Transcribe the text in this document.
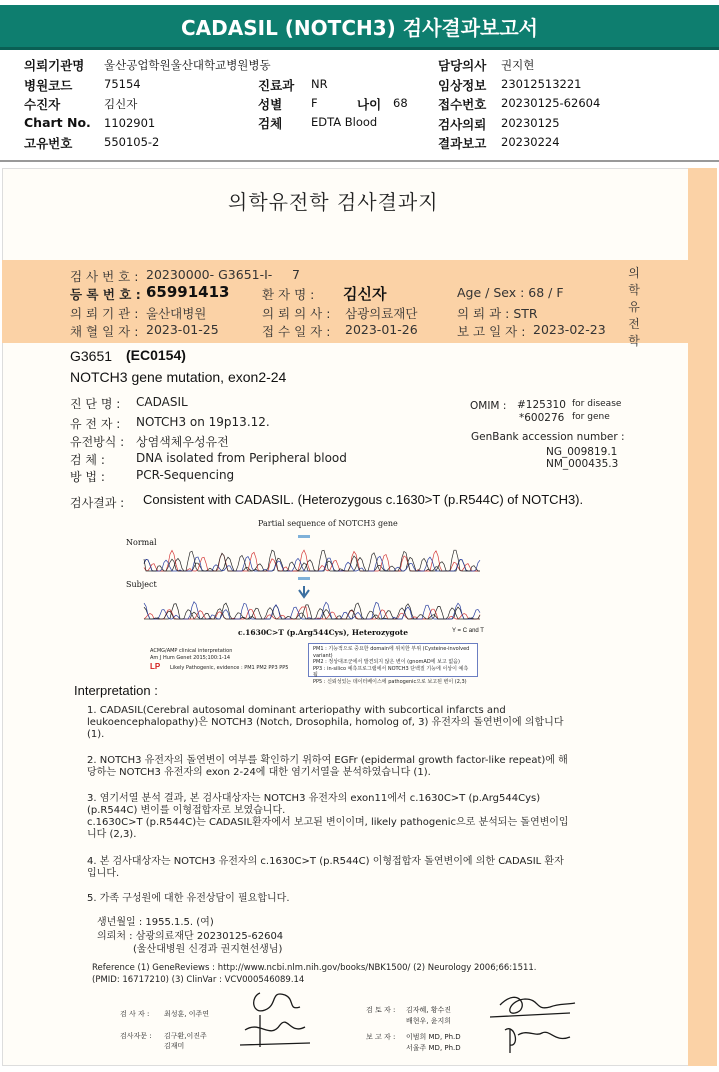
CADASIL (NOTCH3) 검사결과보고서
의뢰기관명 울산공업학원울산대학교병원병동
병원코드	75154	진료과 NR
수진자	김신자	성별	F	나이 68
Chart No. 1102901	검체	EDTA Blood
고유번호	550105-2
담당의사 권지현
임상정보 23012513221
접수번호 20230125-62604
검사의뢰 20230125
결과보고 20230224
의학유전학 검사결과지
검 사 번 호 : 20230000- G3651-I- 7
등 록 번 호 : 65991413	환 자 명 : 김신자	Age / Sex : 68 / F
의 뢰 기 관 : 울산대병원	의 뢰 의 사 : 삼광의료재단	의 뢰 과 : STR
채 혈 일 자 : 2023-01-25	접 수 일 자 : 2023-01-26	보 고 일 자 : 2023-02-23
의
학
유
전
학
G3651 (EC0154)
NOTCH3 gene mutation, exon2-24
진 단 명 : CADASIL
유 전 자 : NOTCH3 on 19p13.12.
유전방식 : 상염색체우성유전
검 체 :	DNA isolated from Peripheral blood
방 법 :	PCR-Sequencing
OMIM : #125310 for disease
*600276 for gene
GenBank accession number :
NG_009819.1
NM_000435.3
검사결과 : Consistent with CADASIL. (Heterozygous c.1630>T (p.R544C) of NOTCH3).
Partial sequence of NOTCH3 gene
Normal
Subject
c.1630C>T (p.Arg544Cys), Heterozygote	Y = C and T
ACMG/AMP clinical interpretation
Am J Hum Genet 2015;100:1-14
LP Likely Pathogenic, evidence : PM1 PM2 PP3 PP5
PM1 : 기능적으로 중요한 domain에 위치한 부위 (Cysteine-involved variant)
PM2 : 정상대조군에서 발견되지 않은 변이 (gnomAD에 보고 없음)
PP3 : in-silico 예측프로그램에서 NOTCH3 단백질 기능에 이상이 예측됨
PP5 : 신뢰성있는 데이터베이스에 pathogenic으로 보고된 변이 (2,3)
Interpretation :
1. CADASIL(Cerebral autosomal dominant arteriopathy with subcortical infarcts and
leukoencephalopathy)은 NOTCH3 (Notch, Drosophila, homolog of, 3) 유전자의 돌연변이에 의합니다
(1).
2. NOTCH3 유전자의 돌연변이 여부를 확인하기 위하여 EGFr (epidermal growth factor-like repeat)에 해
당하는 NOTCH3 유전자의 exon 2-24에 대한 염기서열을 분석하였습니다 (1).
3. 염기서열 분석 결과, 본 검사대상자는 NOTCH3 유전자의 exon11에서 c.1630C>T (p.Arg544Cys)
(p.R544C) 변이를 이형접합자로 보였습니다.
c.1630C>T (p.R544C)는 CADASIL환자에서 보고된 변이이며, likely pathogenic으로 분석되는 돌연변이입
니다 (2,3).
4. 본 검사대상자는 NOTCH3 유전자의 c.1630C>T (p.R544C) 이형접합자 돌연변이에 의한 CADASIL 환자
입니다.
5. 가족 구성원에 대한 유전상담이 필요합니다.
생년월일 : 1955.1.5. (여)
의뢰처 : 삼광의료재단 20230125-62604
(울산대병원 신경과 권지현선생님)
Reference (1) GeneReviews : http://www.ncbi.nlm.nih.gov/books/NBK1500/ (2) Neurology 2006;66:1511.
(PMID: 16717210) (3) ClinVar : VCV000546089.14
검 사 자 : 최성훈, 이주연
검사자문 : 김구환,이진주
김재미
검 토 자 : 김자혜, 황수진
배현우, 윤지희
보 고 자 : 이범희 MD, Ph.D
서울주 MD, Ph.D
